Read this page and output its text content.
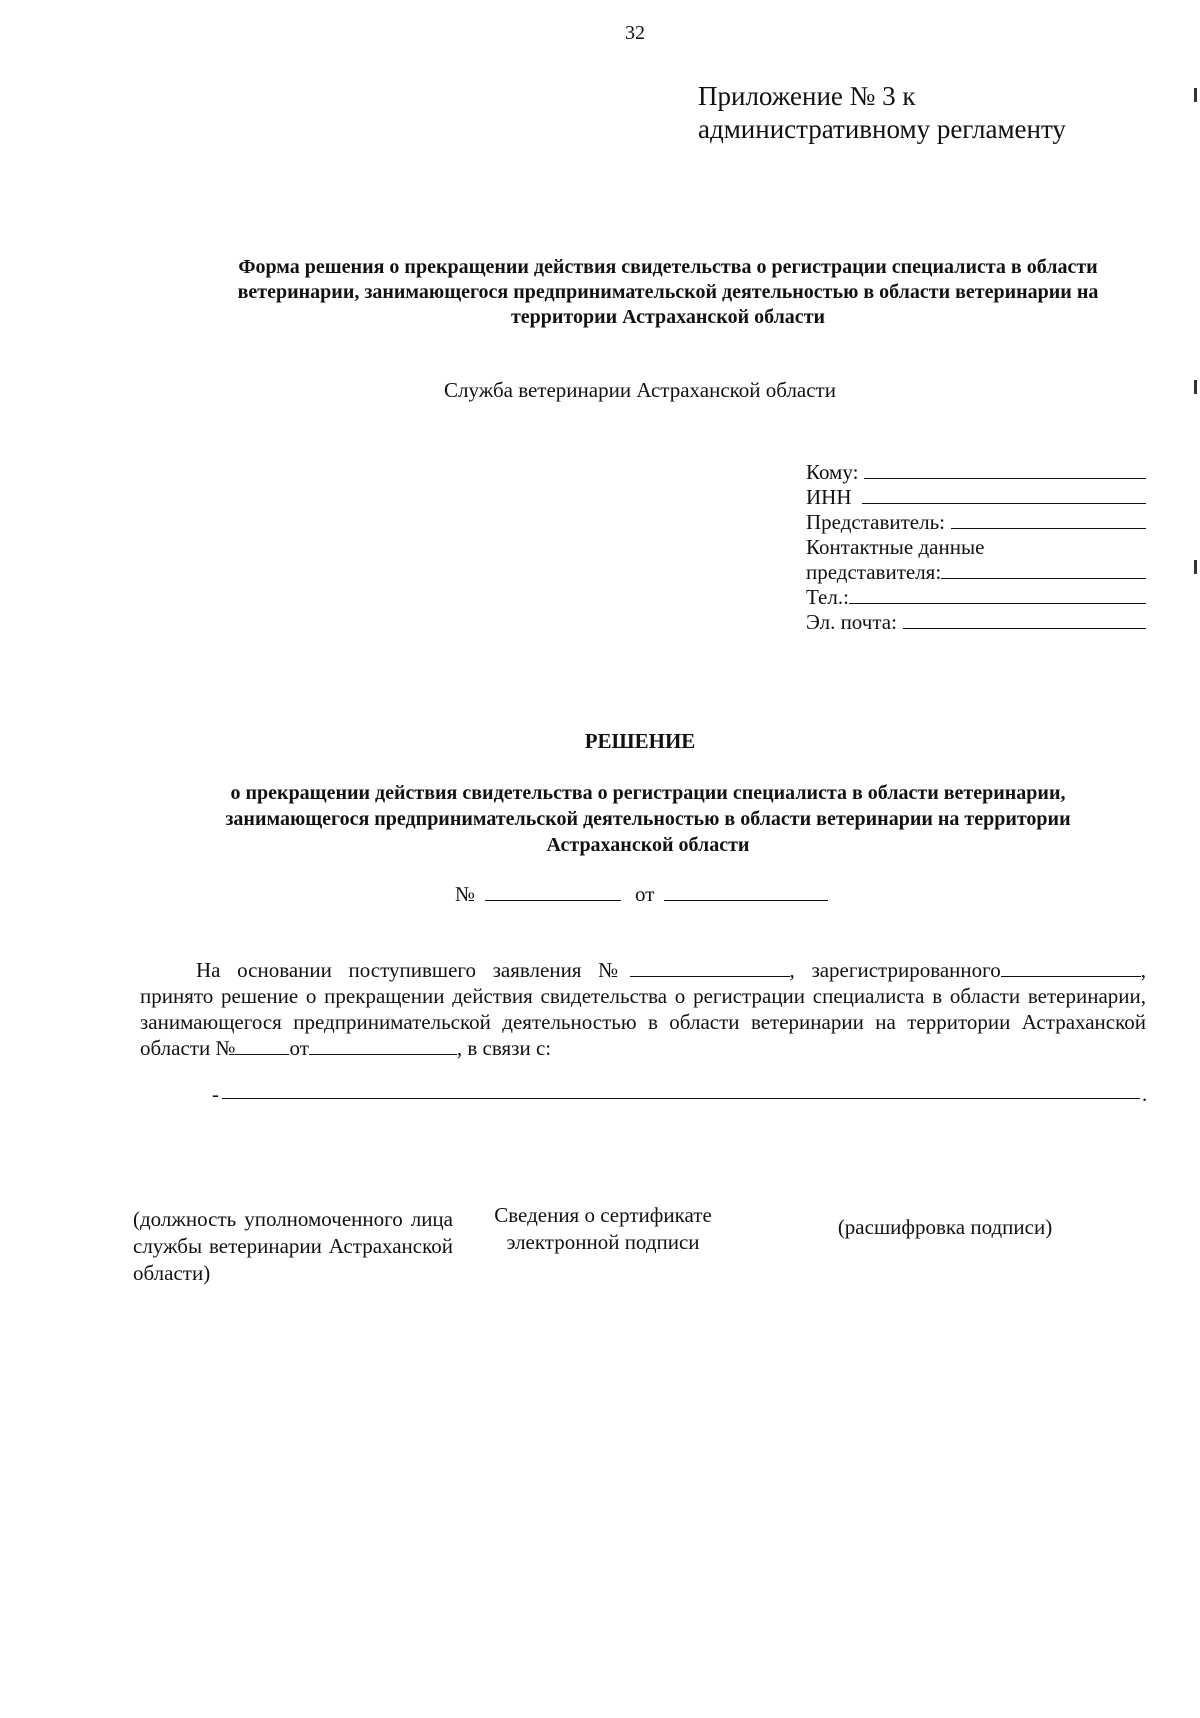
32
Приложение № 3 к
административному регламенту
Форма решения о прекращении действия свидетельства о регистрации специалиста в области
ветеринарии, занимающегося предпринимательской деятельностью в области ветеринарии на
территории Астраханской области
Служба ветеринарии Астраханской области
Кому:
ИНН
Представитель:
Контактные данные
представителя:
Тел.:
Эл. почта:
РЕШЕНИЕ
о прекращении действия свидетельства о регистрации специалиста в области ветеринарии,
занимающегося предпринимательской деятельностью в области ветеринарии на территории
Астраханской области
№	от
На основании поступившего заявления №	, зарегистрированного	, принято решение о прекращении действия свидетельства о регистрации специалиста в области ветеринарии, занимающегося предпринимательской деятельностью в области ветеринарии на территории Астраханской области №	от	, в связи с:
-	.
(должность уполномоченного лица службы ветеринарии Астраханской области)
Сведения о сертификате электронной подписи
(расшифровка подписи)
